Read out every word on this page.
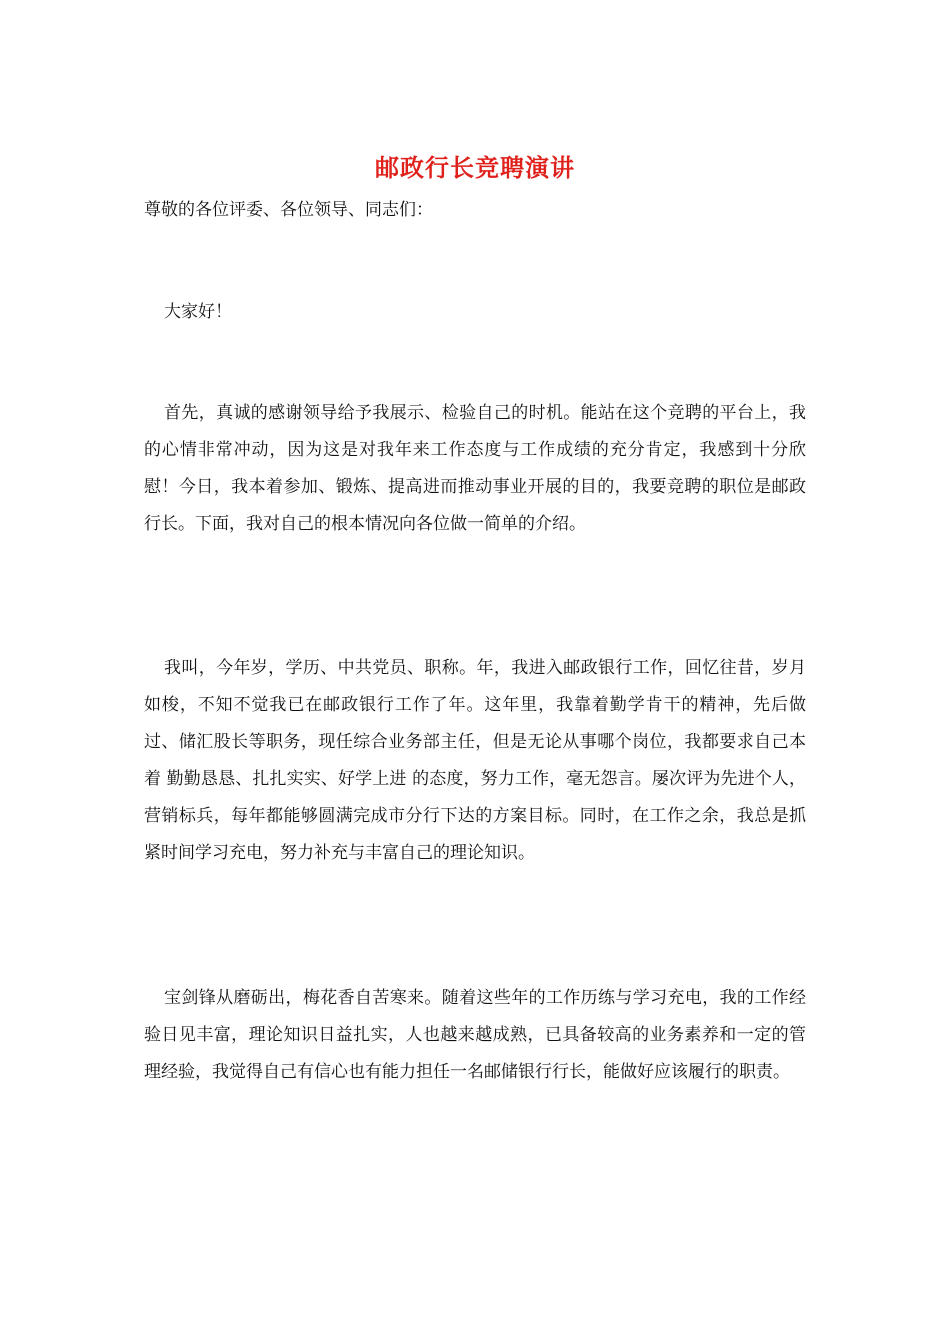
邮政行长竞聘演讲
尊敬的各位评委、各位领导、同志们：
大家好！

首先，真诚的感谢领导给予我展示、检验自己的时机。能站在这个竞聘的平台上，我的心情非常冲动，因为这是对我年来工作态度与工作成绩的充分肯定，我感到十分欣慰！今日，我本着参加、锻炼、提高进而推动事业开展的目的，我要竞聘的职位是邮政行长。下面，我对自己的根本情况向各位做一简单的介绍。

我叫，今年岁，学历、中共党员、职称。年，我进入邮政银行工作，回忆往昔，岁月如梭，不知不觉我已在邮政银行工作了年。这年里，我靠着勤学肯干的精神，先后做过、储汇股长等职务，现任综合业务部主任，但是无论从事哪个岗位，我都要求自己本着 勤勤恳恳、扎扎实实、好学上进 的态度，努力工作，毫无怨言。屡次评为先进个人，营销标兵，每年都能够圆满完成市分行下达的方案目标。同时，在工作之余，我总是抓紧时间学习充电，努力补充与丰富自己的理论知识。

宝剑锋从磨砺出，梅花香自苦寒来。随着这些年的工作历练与学习充电，我的工作经验日见丰富，理论知识日益扎实，人也越来越成熟，已具备较高的业务素养和一定的管理经验，我觉得自己有信心也有能力担任一名邮储银行行长，能做好应该履行的职责。
